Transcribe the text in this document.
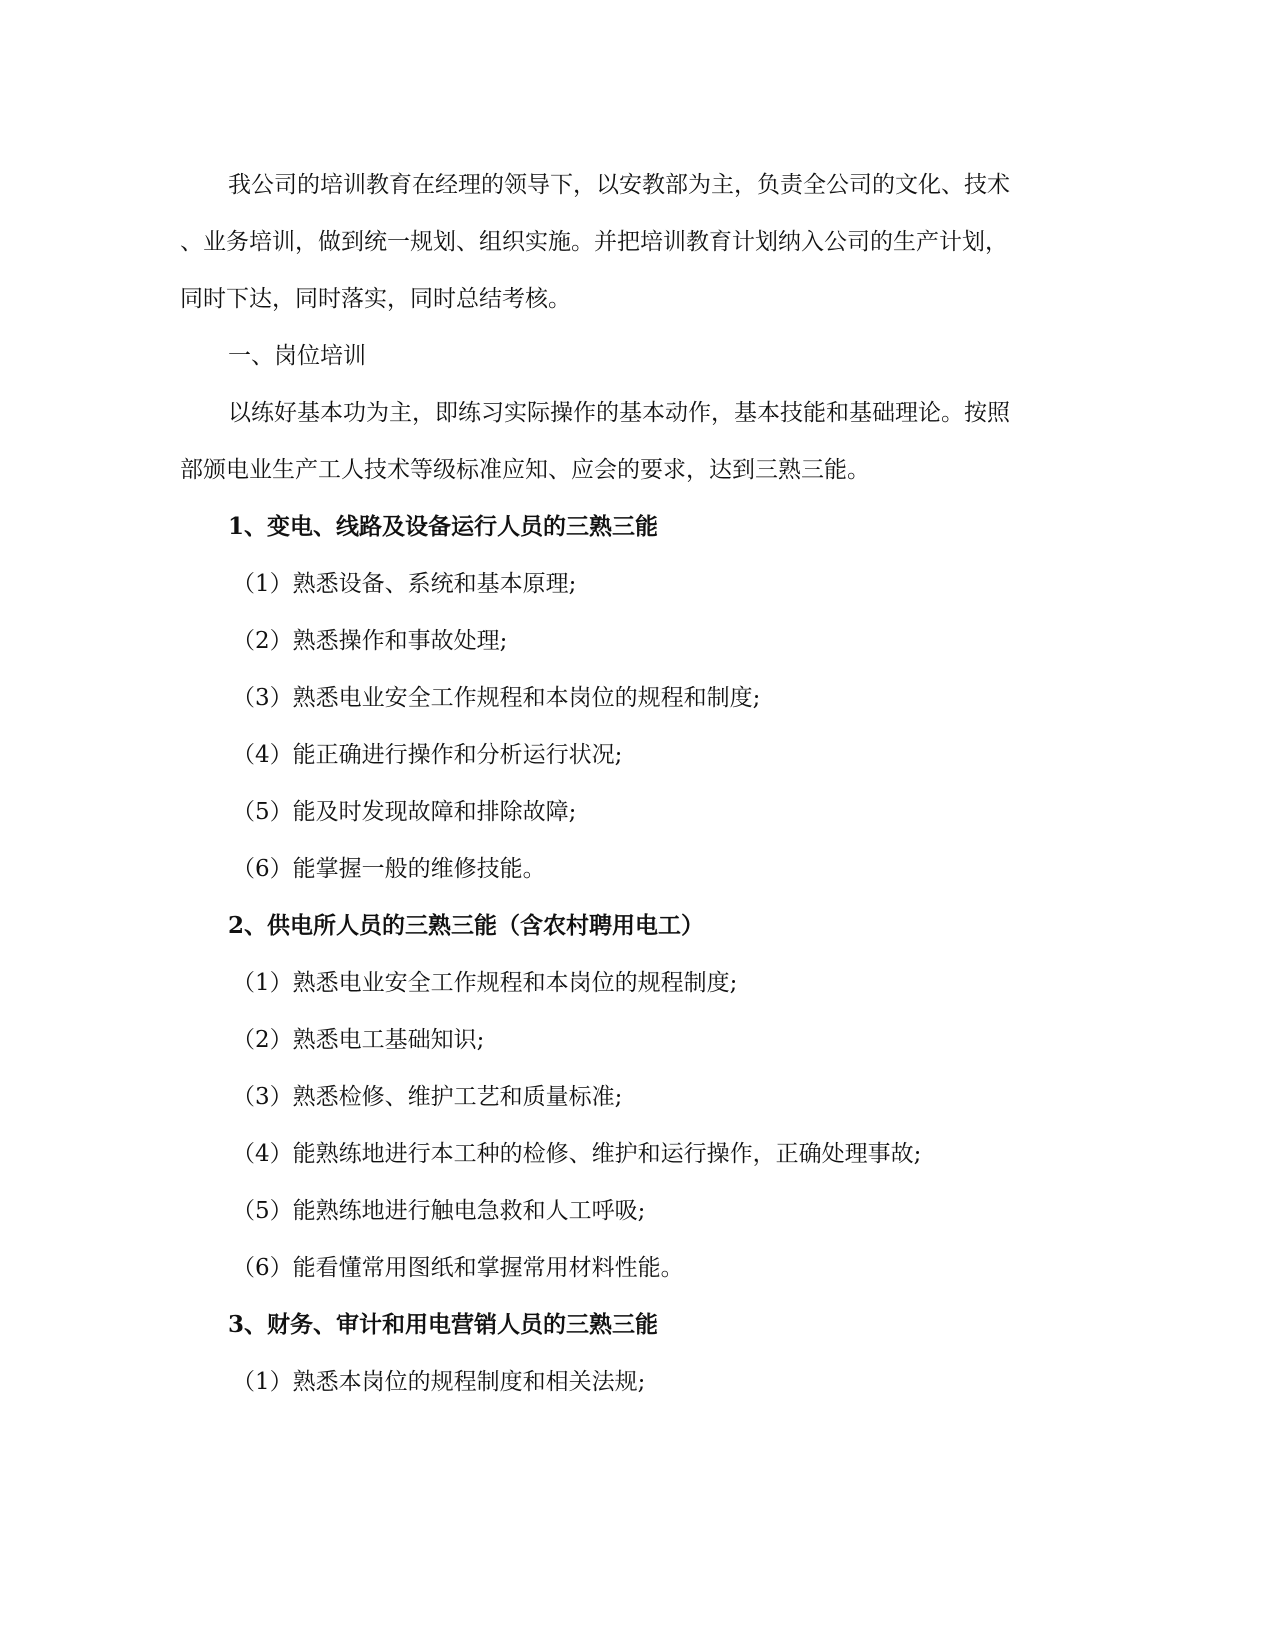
我公司的培训教育在经理的领导下，以安教部为主，负责全公司的文化、技术
、业务培训，做到统一规划、组织实施。并把培训教育计划纳入公司的生产计划，
同时下达，同时落实，同时总结考核。
一、岗位培训
以练好基本功为主，即练习实际操作的基本动作，基本技能和基础理论。按照
部颁电业生产工人技术等级标准应知、应会的要求，达到三熟三能。
1、变电、线路及设备运行人员的三熟三能
（1）熟悉设备、系统和基本原理;
（2）熟悉操作和事故处理;
（3）熟悉电业安全工作规程和本岗位的规程和制度;
（4）能正确进行操作和分析运行状况;
（5）能及时发现故障和排除故障;
（6）能掌握一般的维修技能。
2、供电所人员的三熟三能（含农村聘用电工）
（1）熟悉电业安全工作规程和本岗位的规程制度;
（2）熟悉电工基础知识;
（3）熟悉检修、维护工艺和质量标准;
（4）能熟练地进行本工种的检修、维护和运行操作，正确处理事故;
（5）能熟练地进行触电急救和人工呼吸;
（6）能看懂常用图纸和掌握常用材料性能。
3、财务、审计和用电营销人员的三熟三能
（1）熟悉本岗位的规程制度和相关法规;
